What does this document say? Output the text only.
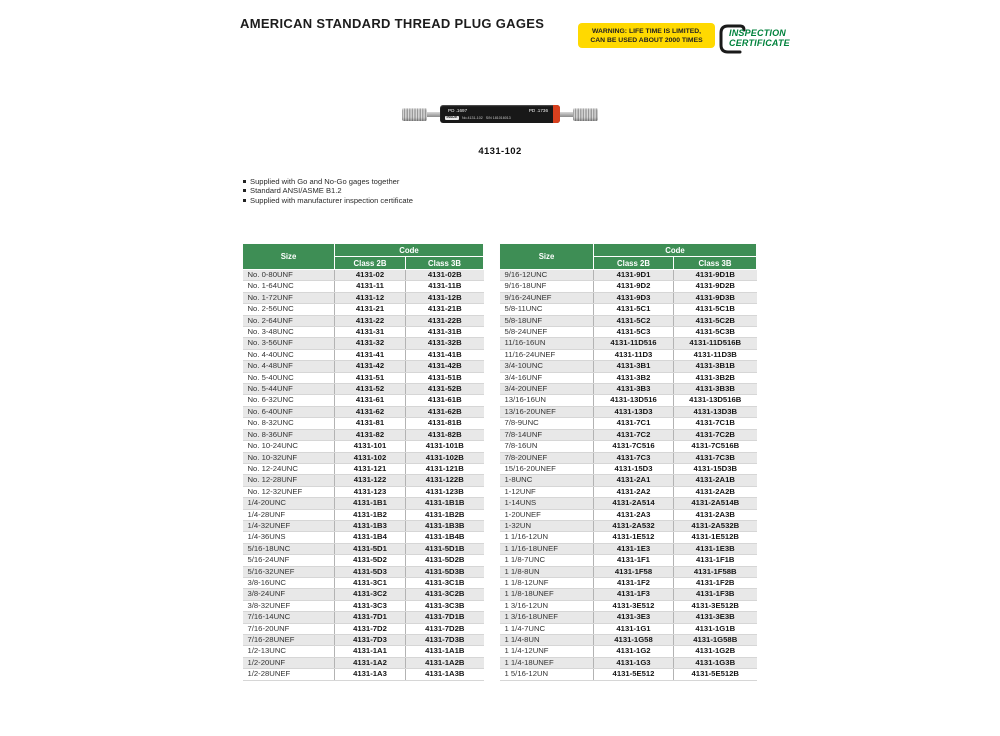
AMERICAN STANDARD THREAD PLUG GAGES	WARNING: LIFE TIME IS LIMITED,
CAN BE USED ABOUT 2000 TIMES
INSPECTION
CERTIFICATE
PD .1697	PD .1736
INSIZE	No.4131-102 S/N 181016013
4131-102
Supplied with Go and No-Go gages together
Standard ANSI/ASME B1.2
Supplied with manufacturer inspection certificate
Size	Code	
	Class 2B	Class 3B
No. 0-80UNF	4131-02	4131-02B
No. 1-64UNC	4131-11	4131-11B
No. 1-72UNF	4131-12	4131-12B
No. 2-56UNC	4131-21	4131-21B
No. 2-64UNF	4131-22	4131-22B
No. 3-48UNC	4131-31	4131-31B
No. 3-56UNF	4131-32	4131-32B
No. 4-40UNC	4131-41	4131-41B
No. 4-48UNF	4131-42	4131-42B
No. 5-40UNC	4131-51	4131-51B
No. 5-44UNF	4131-52	4131-52B
No. 6-32UNC	4131-61	4131-61B
No. 6-40UNF	4131-62	4131-62B
No. 8-32UNC	4131-81	4131-81B
No. 8-36UNF	4131-82	4131-82B
No. 10-24UNC	4131-101	4131-101B
No. 10-32UNF	4131-102	4131-102B
No. 12-24UNC	4131-121	4131-121B
No. 12-28UNF	4131-122	4131-122B
No. 12-32UNEF	4131-123	4131-123B
1/4-20UNC	4131-1B1	4131-1B1B
1/4-28UNF	4131-1B2	4131-1B2B
1/4-32UNEF	4131-1B3	4131-1B3B
1/4-36UNS	4131-1B4	4131-1B4B
5/16-18UNC	4131-5D1	4131-5D1B
5/16-24UNF	4131-5D2	4131-5D2B
5/16-32UNEF	4131-5D3	4131-5D3B
3/8-16UNC	4131-3C1	4131-3C1B
3/8-24UNF	4131-3C2	4131-3C2B
3/8-32UNEF	4131-3C3	4131-3C3B
7/16-14UNC	4131-7D1	4131-7D1B
7/16-20UNF	4131-7D2	4131-7D2B
7/16-28UNEF	4131-7D3	4131-7D3B
1/2-13UNC	4131-1A1	4131-1A1B
1/2-20UNF	4131-1A2	4131-1A2B
1/2-28UNEF	4131-1A3	4131-1A3B
Size	Code	
	Class 2B	Class 3B
9/16-12UNC	4131-9D1	4131-9D1B
9/16-18UNF	4131-9D2	4131-9D2B
9/16-24UNEF	4131-9D3	4131-9D3B
5/8-11UNC	4131-5C1	4131-5C1B
5/8-18UNF	4131-5C2	4131-5C2B
5/8-24UNEF	4131-5C3	4131-5C3B
11/16-16UN	4131-11D516	4131-11D516B
11/16-24UNEF	4131-11D3	4131-11D3B
3/4-10UNC	4131-3B1	4131-3B1B
3/4-16UNF	4131-3B2	4131-3B2B
3/4-20UNEF	4131-3B3	4131-3B3B
13/16-16UN	4131-13D516	4131-13D516B
13/16-20UNEF	4131-13D3	4131-13D3B
7/8-9UNC	4131-7C1	4131-7C1B
7/8-14UNF	4131-7C2	4131-7C2B
7/8-16UN	4131-7C516	4131-7C516B
7/8-20UNEF	4131-7C3	4131-7C3B
15/16-20UNEF	4131-15D3	4131-15D3B
1-8UNC	4131-2A1	4131-2A1B
1-12UNF	4131-2A2	4131-2A2B
1-14UNS	4131-2A514	4131-2A514B
1-20UNEF	4131-2A3	4131-2A3B
1-32UN	4131-2A532	4131-2A532B
1 1/16-12UN	4131-1E512	4131-1E512B
1 1/16-18UNEF	4131-1E3	4131-1E3B
1 1/8-7UNC	4131-1F1	4131-1F1B
1 1/8-8UN	4131-1F58	4131-1F58B
1 1/8-12UNF	4131-1F2	4131-1F2B
1 1/8-18UNEF	4131-1F3	4131-1F3B
1 3/16-12UN	4131-3E512	4131-3E512B
1 3/16-18UNEF	4131-3E3	4131-3E3B
1 1/4-7UNC	4131-1G1	4131-1G1B
1 1/4-8UN	4131-1G58	4131-1G58B
1 1/4-12UNF	4131-1G2	4131-1G2B
1 1/4-18UNEF	4131-1G3	4131-1G3B
1 5/16-12UN	4131-5E512	4131-5E512B
